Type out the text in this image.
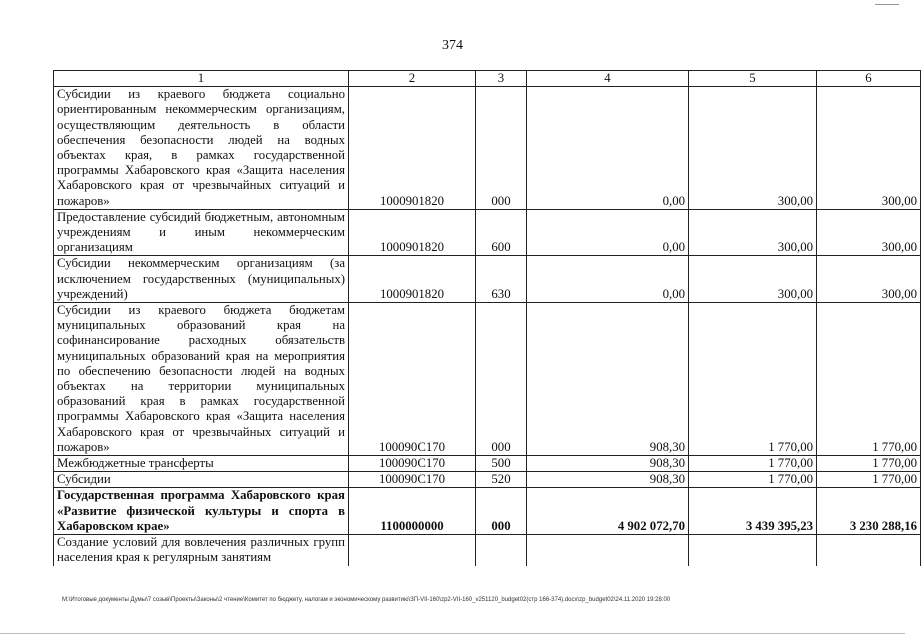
374
1	2	3	4	5	6
Субсидии из краевого бюджета социально ориентированным некоммерческим организациям, осуществляющим деятельность в области обеспечения безопасности людей на водных объектах края, в рамках государственной программы Хабаровского края «Защита населения Хабаровского края от чрезвычайных ситуаций и пожаров»	1000901820	000	0,00	300,00	300,00
Предоставление субсидий бюджетным, автономным учреждениям и иным некоммерческим организациям	1000901820	600	0,00	300,00	300,00
Субсидии некоммерческим организациям (за исключением государственных (муниципальных) учреждений)	1000901820	630	0,00	300,00	300,00
Субсидии из краевого бюджета бюджетам муниципальных образований края на софинансирование расходных обязательств муниципальных образований края на мероприятия по обеспечению безопасности людей на водных объектах на территории муниципальных образований края в рамках государственной программы Хабаровского края «Защита населения Хабаровского края от чрезвычайных ситуаций и пожаров»	100090С170	000	908,30	1 770,00	1 770,00
Межбюджетные трансферты	100090С170	500	908,30	1 770,00	1 770,00
Субсидии	100090С170	520	908,30	1 770,00	1 770,00
Государственная программа Хабаровского края «Развитие физической культуры и спорта в Хабаровском крае»	1100000000	000	4 902 072,70	3 439 395,23	3 230 288,16
Создание условий для вовлечения различных групп населения края к регулярным занятиям					
M:\Итоговые документы Думы\7 созыв\Проекты\Законы\2 чтение\Комитет по бюджету, налогам и экономическому развитию\ЗП-VII-160\zp2-VII-160_v251120_budget02(стр 166-374).docx\zp_budget02\24.11.2020 19:28:00
